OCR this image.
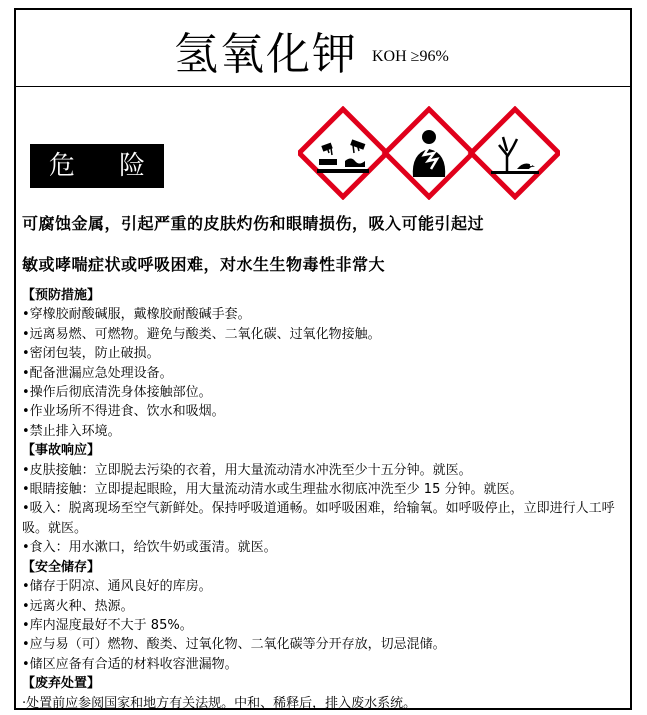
氢氧化钾 KOH ≥96%
危 险
可腐蚀金属，引起严重的皮肤灼伤和眼睛损伤，吸入可能引起过
敏或哮喘症状或呼吸困难，对水生生物毒性非常大
【预防措施】
•穿橡胶耐酸碱服，戴橡胶耐酸碱手套。
•远离易燃、可燃物。避免与酸类、二氧化碳、过氧化物接触。
•密闭包装，防止破损。
•配备泄漏应急处理设备。
•操作后彻底清洗身体接触部位。
•作业场所不得进食、饮水和吸烟。
•禁止排入环境。
【事故响应】
•皮肤接触：立即脱去污染的衣着，用大量流动清水冲洗至少十五分钟。就医。
•眼睛接触：立即提起眼睑，用大量流动清水或生理盐水彻底冲洗至少 15 分钟。就医。
•吸入：脱离现场至空气新鲜处。保持呼吸道通畅。如呼吸困难，给输氧。如呼吸停止，立即进行人工呼吸。就医。
•食入：用水漱口，给饮牛奶或蛋清。就医。
【安全储存】
•储存于阴凉、通风良好的库房。
•远离火种、热源。
•库内湿度最好不大于 85%。
•应与易（可）燃物、酸类、过氧化物、二氧化碳等分开存放，切忌混储。
•储区应备有合适的材料收容泄漏物。
【废弃处置】
·处置前应参阅国家和地方有关法规。中和、稀释后，排入废水系统。
